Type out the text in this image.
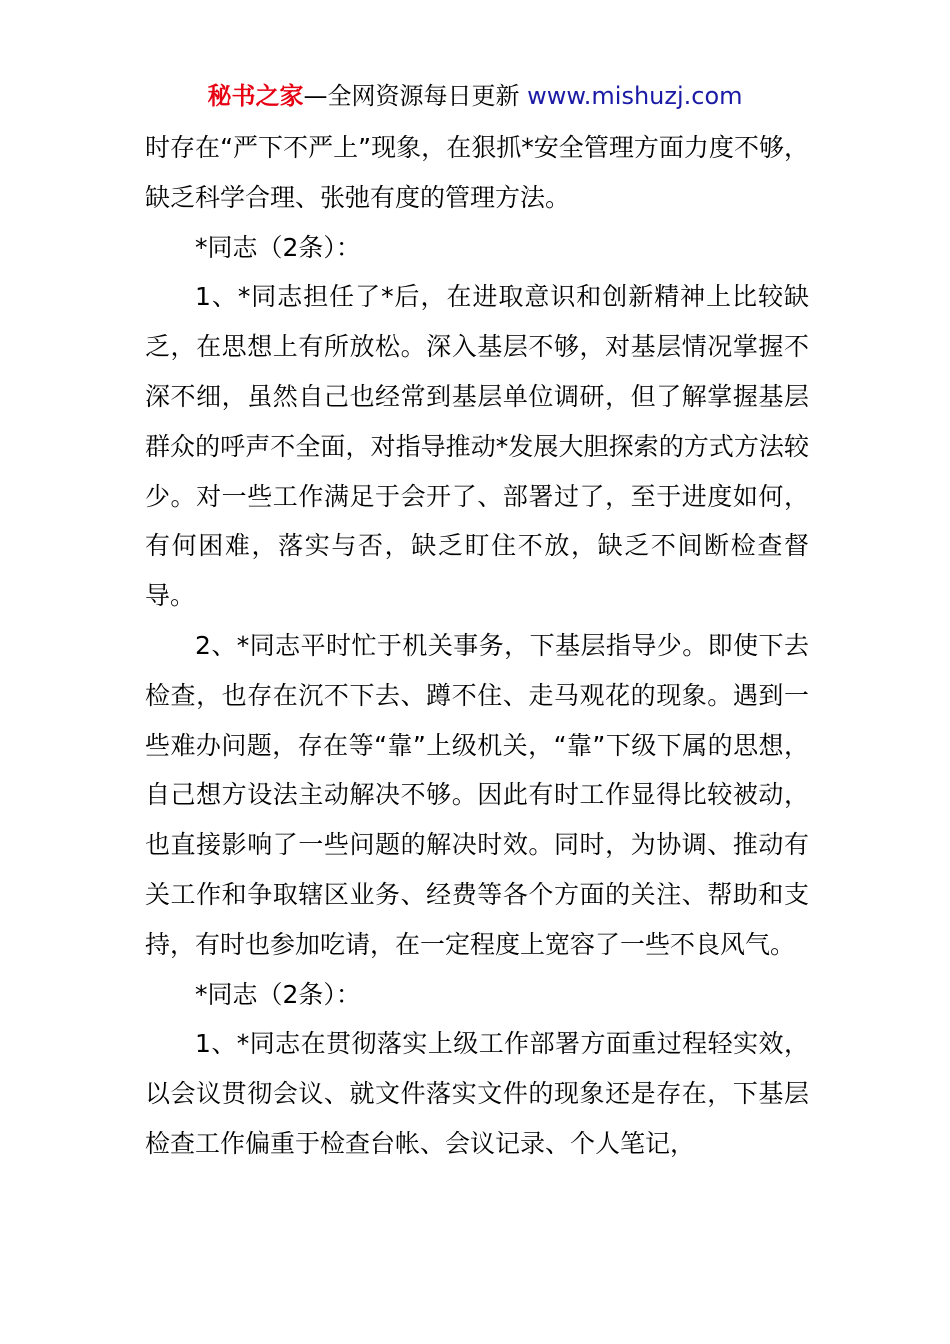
秘书之家—全网资源每日更新 www.mishuzj.com

时存在“严下不严上”现象，在狠抓*安全管理方面力度不够，缺乏科学合理、张弛有度的管理方法。

*同志（2条）：

1、*同志担任了*后，在进取意识和创新精神上比较缺乏，在思想上有所放松。深入基层不够，对基层情况掌握不深不细，虽然自己也经常到基层单位调研，但了解掌握基层群众的呼声不全面，对指导推动*发展大胆探索的方式方法较少。对一些工作满足于会开了、部署过了，至于进度如何，有何困难，落实与否，缺乏盯住不放，缺乏不间断检查督导。

2、*同志平时忙于机关事务，下基层指导少。即使下去检查，也存在沉不下去、蹲不住、走马观花的现象。遇到一些难办问题，存在等“靠”上级机关，“靠”下级下属的思想，自己想方设法主动解决不够。因此有时工作显得比较被动，也直接影响了一些问题的解决时效。同时，为协调、推动有关工作和争取辖区业务、经费等各个方面的关注、帮助和支持，有时也参加吃请，在一定程度上宽容了一些不良风气。

*同志（2条）：

1、*同志在贯彻落实上级工作部署方面重过程轻实效，以会议贯彻会议、就文件落实文件的现象还是存在，下基层检查工作偏重于检查台帐、会议记录、个人笔记，
